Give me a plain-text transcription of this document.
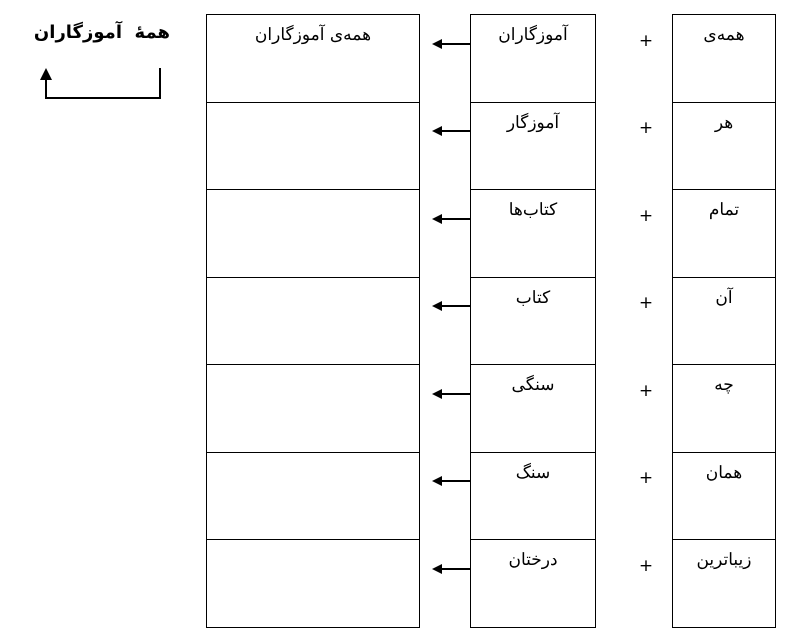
همهٔ
آموزگاران	همه‌ی آموزگاران	آموزگاران
آموزگار
کتاب‌ها
کتاب
سنگی
سنگ
درختان
+
+
+
+
+
+
+
همه‌ی
هر
تمام
آن
چه
همان
زیباترین
